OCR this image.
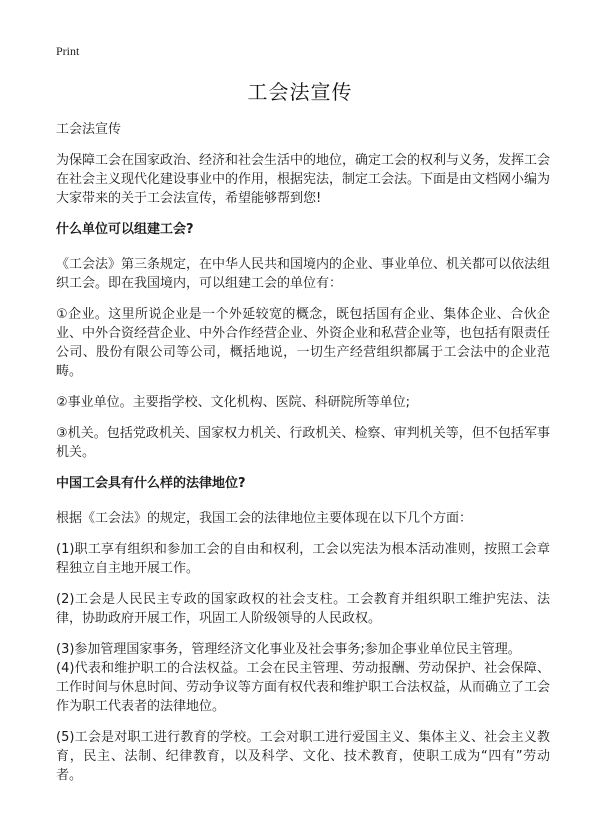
Print
工会法宣传

工会法宣传

为保障工会在国家政治、经济和社会生活中的地位，确定工会的权利与义务，发挥工会在社会主义现代化建设事业中的作用，根据宪法，制定工会法。下面是由文档网小编为大家带来的关于工会法宣传，希望能够帮到您!

什么单位可以组建工会?

《工会法》第三条规定，在中华人民共和国境内的企业、事业单位、机关都可以依法组织工会。即在我国境内，可以组建工会的单位有：

①企业。这里所说企业是一个外延较宽的概念，既包括国有企业、集体企业、合伙企业、中外合资经营企业、中外合作经营企业、外资企业和私营企业等，也包括有限责任公司、股份有限公司等公司，概括地说，一切生产经营组织都属于工会法中的企业范畴。

②事业单位。主要指学校、文化机构、医院、科研院所等单位;

③机关。包括党政机关、国家权力机关、行政机关、检察、审判机关等，但不包括军事机关。

中国工会具有什么样的法律地位?

根据《工会法》的规定，我国工会的法律地位主要体现在以下几个方面：

(1)职工享有组织和参加工会的自由和权利，工会以宪法为根本活动准则，按照工会章程独立自主地开展工作。

(2)工会是人民民主专政的国家政权的社会支柱。工会教育并组织职工维护宪法、法律，协助政府开展工作，巩固工人阶级领导的人民政权。

(3)参加管理国家事务，管理经济文化事业及社会事务;参加企事业单位民主管理。

(4)代表和维护职工的合法权益。工会在民主管理、劳动报酬、劳动保护、社会保障、工作时间与休息时间、劳动争议等方面有权代表和维护职工合法权益，从而确立了工会作为职工代表者的法律地位。

(5)工会是对职工进行教育的学校。工会对职工进行爱国主义、集体主义、社会主义教育，民主、法制、纪律教育，以及科学、文化、技术教育，使职工成为“四有”劳动者。
